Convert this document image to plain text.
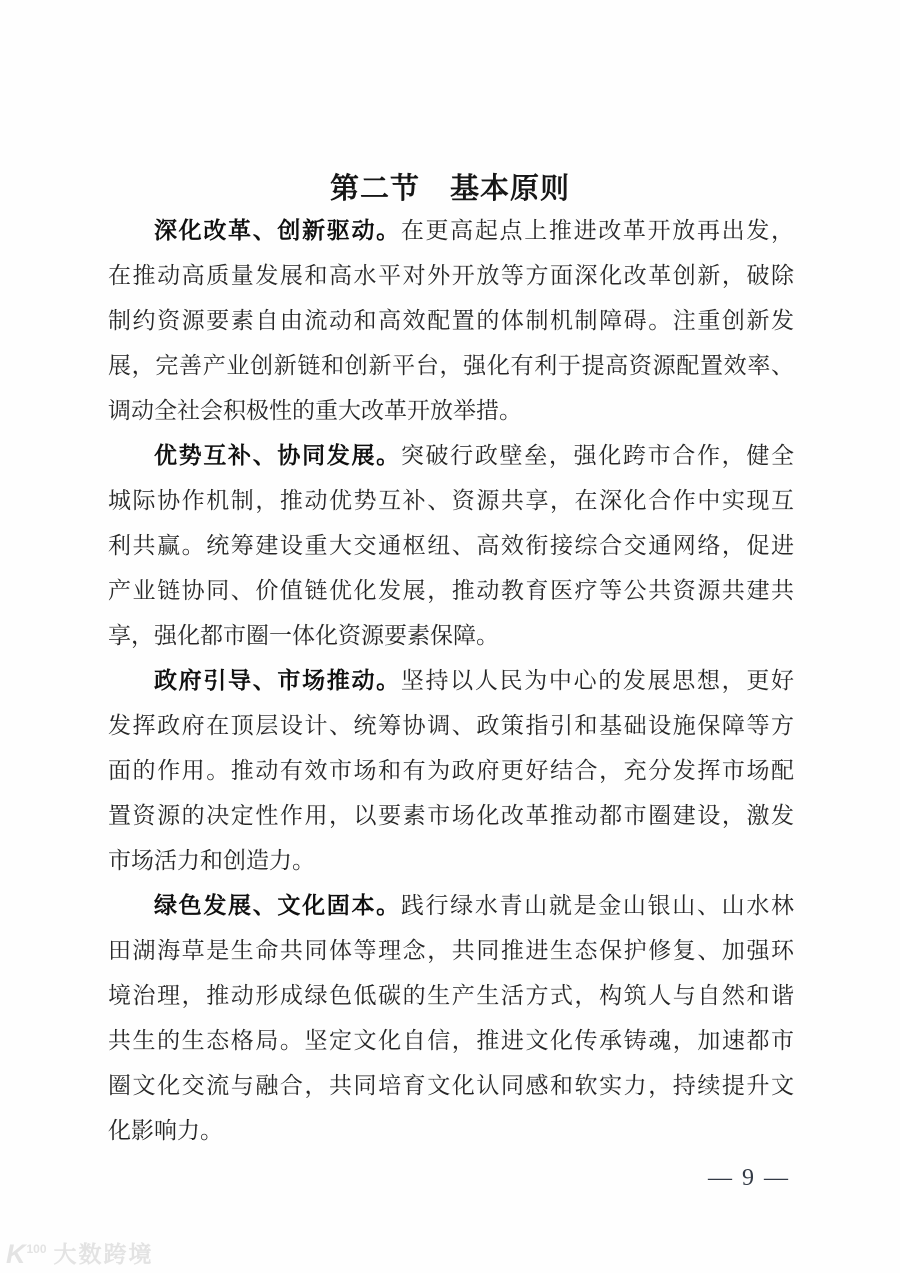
第二节　基本原则
深化改革、创新驱动。在更高起点上推进改革开放再出发，
在推动高质量发展和高水平对外开放等方面深化改革创新，破除
制约资源要素自由流动和高效配置的体制机制障碍。注重创新发
展，完善产业创新链和创新平台，强化有利于提高资源配置效率、
调动全社会积极性的重大改革开放举措。
优势互补、协同发展。突破行政壁垒，强化跨市合作，健全
城际协作机制，推动优势互补、资源共享，在深化合作中实现互
利共赢。统筹建设重大交通枢纽、高效衔接综合交通网络，促进
产业链协同、价值链优化发展，推动教育医疗等公共资源共建共
享，强化都市圈一体化资源要素保障。
政府引导、市场推动。坚持以人民为中心的发展思想，更好
发挥政府在顶层设计、统筹协调、政策指引和基础设施保障等方
面的作用。推动有效市场和有为政府更好结合，充分发挥市场配
置资源的决定性作用，以要素市场化改革推动都市圈建设，激发
市场活力和创造力。
绿色发展、文化固本。践行绿水青山就是金山银山、山水林
田湖海草是生命共同体等理念，共同推进生态保护修复、加强环
境治理，推动形成绿色低碳的生产生活方式，构筑人与自然和谐
共生的生态格局。坚定文化自信，推进文化传承铸魂，加速都市
圈文化交流与融合，共同培育文化认同感和软实力，持续提升文
化影响力。
— 9 —
$K^{100}$ 大数跨境
